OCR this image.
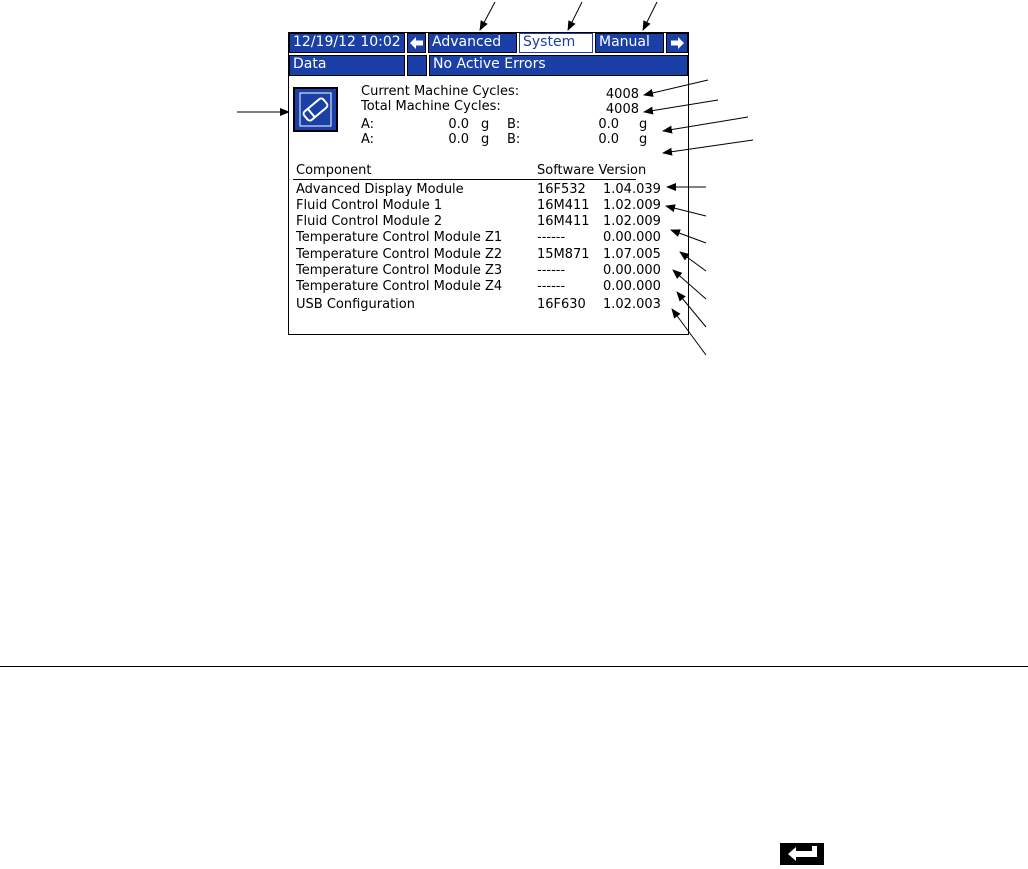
12/19/12 10:02	Advanced	System	Manual
Data	No Active Errors
Current Machine Cycles:	4008
Total Machine Cycles:	4008
A:	0.0 g B:	0.0 g
A:	0.0 g B:	0.0 g
Component	Software Version
Advanced Display Module	16F532 1.04.039
Fluid Control Module 1	16M411 1.02.009
Fluid Control Module 2	16M411 1.02.009
Temperature Control Module Z1	------	0.00.000
Temperature Control Module Z2	15M871 1.07.005
Temperature Control Module Z3	------	0.00.000
Temperature Control Module Z4	------	0.00.000
USB Configuration	16F630 1.02.003
